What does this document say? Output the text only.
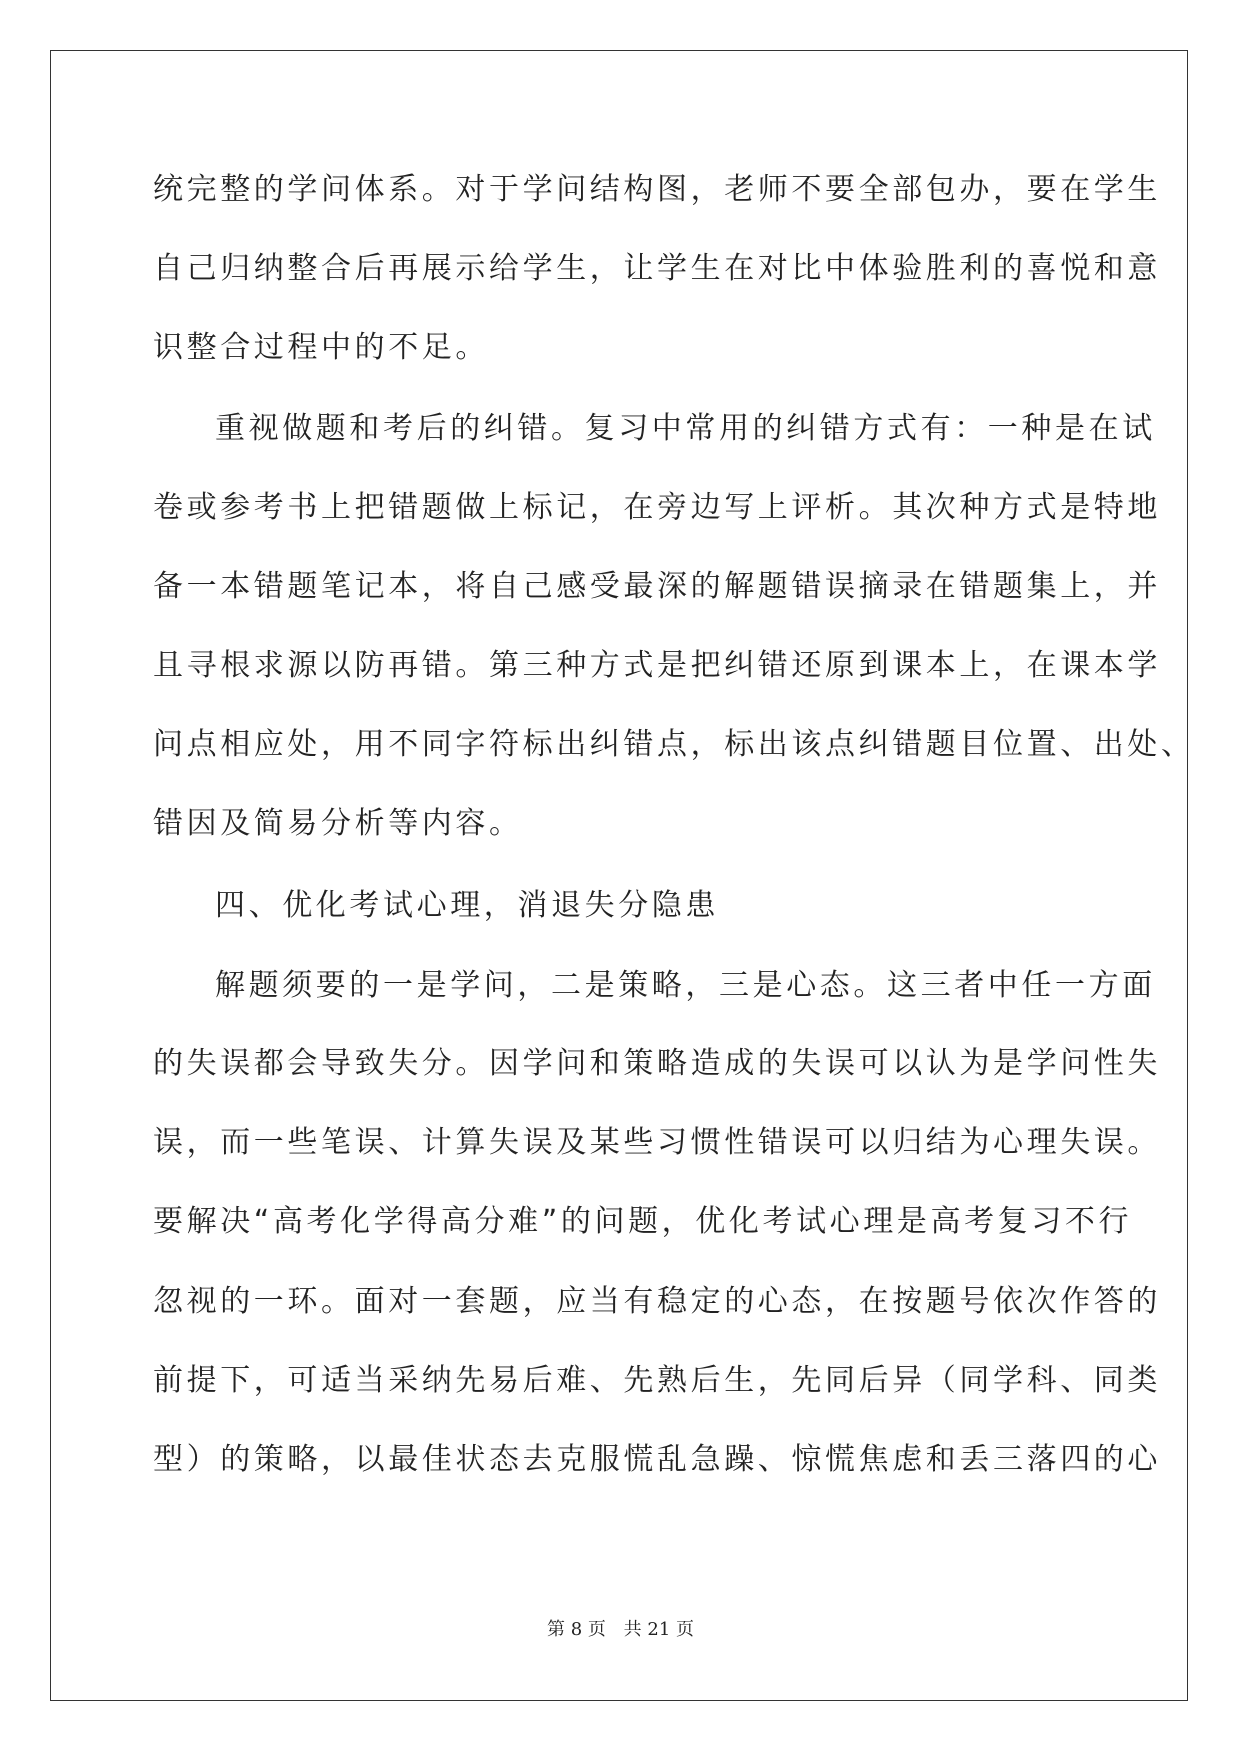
统完整的学问体系。对于学问结构图，老师不要全部包办，要在学生
自己归纳整合后再展示给学生，让学生在对比中体验胜利的喜悦和意
识整合过程中的不足。
重视做题和考后的纠错。复习中常用的纠错方式有：一种是在试
卷或参考书上把错题做上标记，在旁边写上评析。其次种方式是特地
备一本错题笔记本，将自己感受最深的解题错误摘录在错题集上，并
且寻根求源以防再错。第三种方式是把纠错还原到课本上，在课本学
问点相应处，用不同字符标出纠错点，标出该点纠错题目位置、出处、
错因及简易分析等内容。
四、优化考试心理，消退失分隐患
解题须要的一是学问，二是策略，三是心态。这三者中任一方面
的失误都会导致失分。因学问和策略造成的失误可以认为是学问性失
误，而一些笔误、计算失误及某些习惯性错误可以归结为心理失误。
要解决“高考化学得高分难”的问题，优化考试心理是高考复习不行
忽视的一环。面对一套题，应当有稳定的心态，在按题号依次作答的
前提下，可适当采纳先易后难、先熟后生，先同后异（同学科、同类
型）的策略，以最佳状态去克服慌乱急躁、惊慌焦虑和丢三落四的心
第 8 页 共 21 页
